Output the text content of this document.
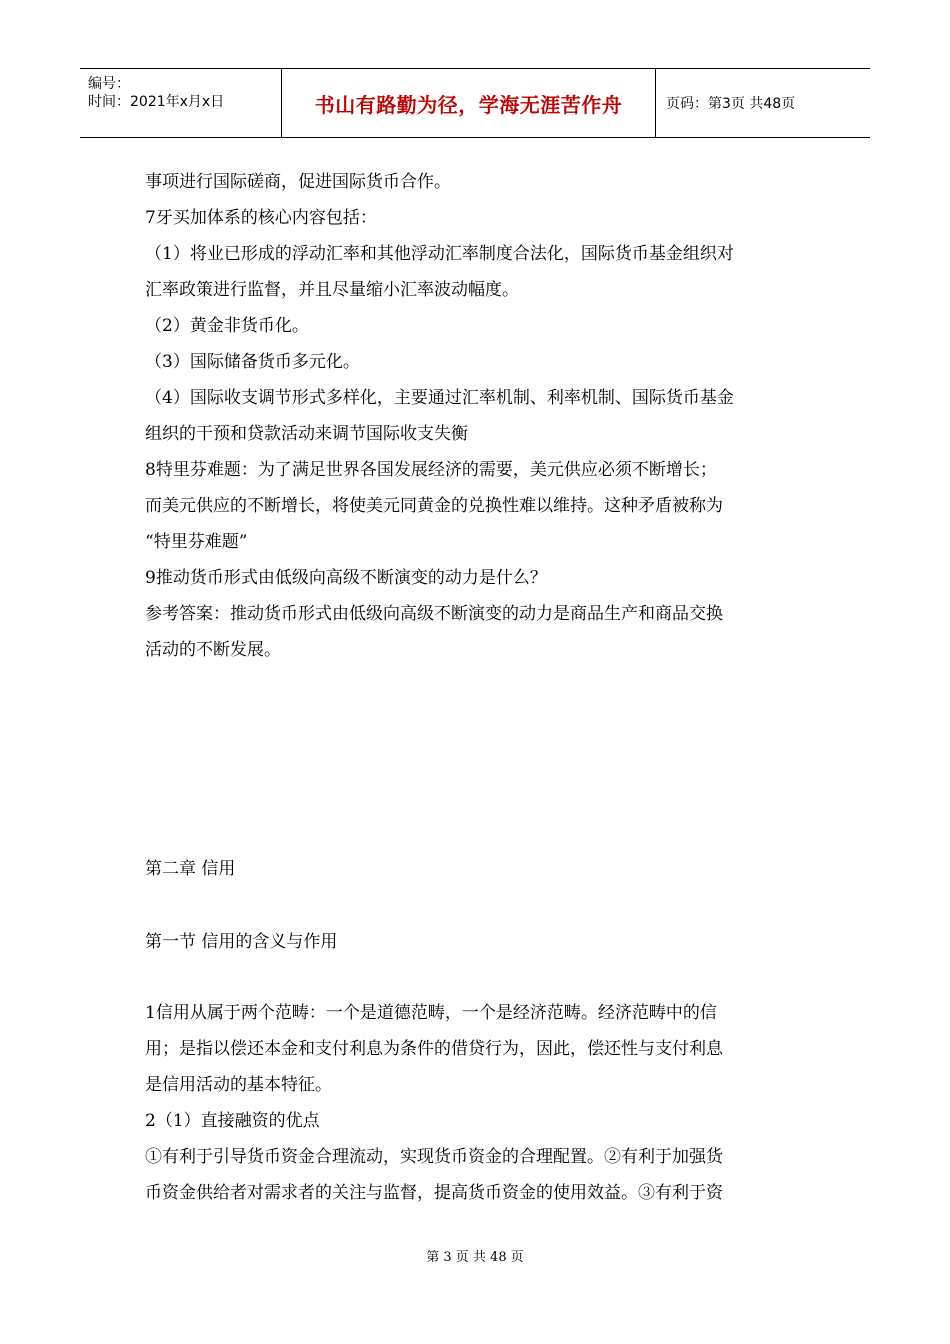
编号：
时间：2021年x月x日	书山有路勤为径，学海无涯苦作舟	页码：第3页 共48页

事项进行国际磋商，促进国际货币合作。

7牙买加体系的核心内容包括：

（1）将业已形成的浮动汇率和其他浮动汇率制度合法化，国际货币基金组织对

汇率政策进行监督，并且尽量缩小汇率波动幅度。

（2）黄金非货币化。

（3）国际储备货币多元化。

（4）国际收支调节形式多样化，主要通过汇率机制、利率机制、国际货币基金

组织的干预和贷款活动来调节国际收支失衡

8特里芬难题：为了满足世界各国发展经济的需要，美元供应必须不断增长；

而美元供应的不断增长，将使美元同黄金的兑换性难以维持。这种矛盾被称为

“特里芬难题”

9推动货币形式由低级向高级不断演变的动力是什么？

参考答案：推动货币形式由低级向高级不断演变的动力是商品生产和商品交换

活动的不断发展。

第二章 信用

第一节 信用的含义与作用

1信用从属于两个范畴：一个是道德范畴，一个是经济范畴。经济范畴中的信

用；是指以偿还本金和支付利息为条件的借贷行为，因此，偿还性与支付利息

是信用活动的基本特征。

2（1）直接融资的优点

①有利于引导货币资金合理流动，实现货币资金的合理配置。②有利于加强货

币资金供给者对需求者的关注与监督，提高货币资金的使用效益。③有利于资

第 3 页 共 48 页
